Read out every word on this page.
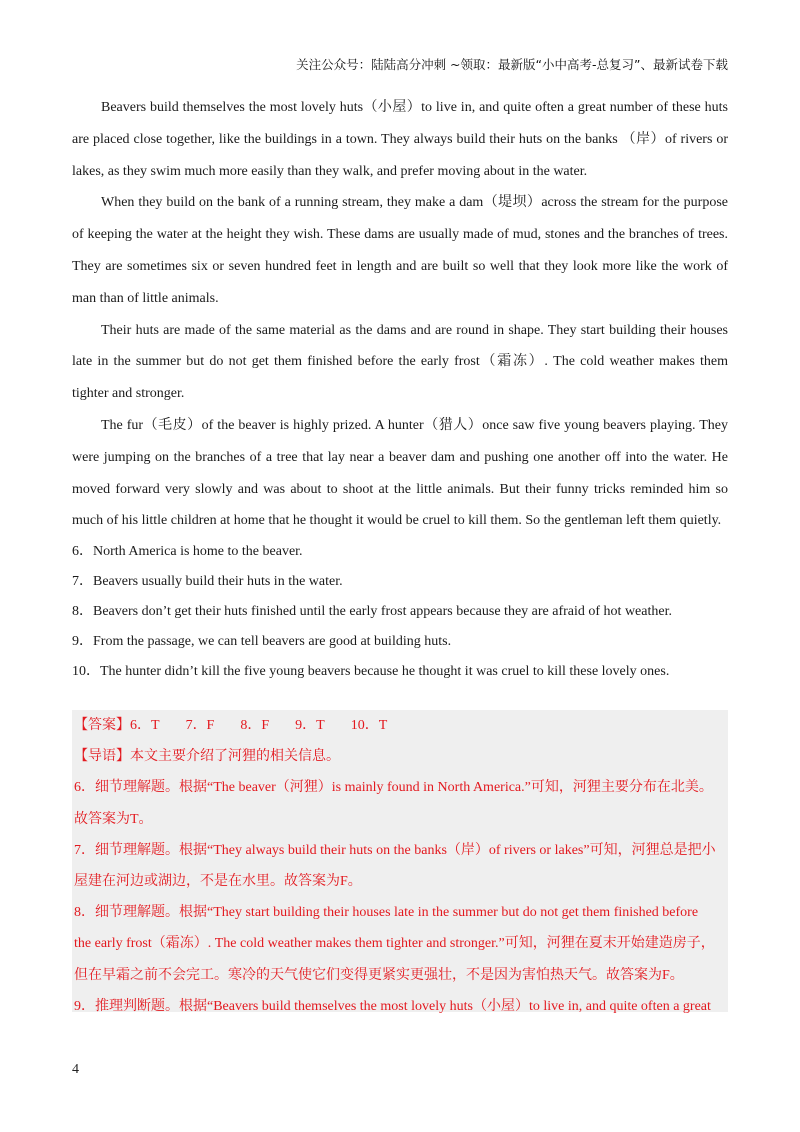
关注公众号：陆陆高分冲刺 ~领取：最新版“小中高考-总复习”、最新试卷下载

Beavers build themselves the most lovely huts（小屋）to live in, and quite often a great number of these huts are placed close together, like the buildings in a town. They always build their huts on the banks （岸）of rivers or lakes, as they swim much more easily than they walk, and prefer moving about in the water.

When they build on the bank of a running stream, they make a dam（堤坝）across the stream for the purpose of keeping the water at the height they wish. These dams are usually made of mud, stones and the branches of trees. They are sometimes six or seven hundred feet in length and are built so well that they look more like the work of man than of little animals.

Their huts are made of the same material as the dams and are round in shape. They start building their houses late in the summer but do not get them finished before the early frost（霜冻）. The cold weather makes them tighter and stronger.

The fur（毛皮）of the beaver is highly prized. A hunter（猎人）once saw five young beavers playing. They were jumping on the branches of a tree that lay near a beaver dam and pushing one another off into the water. He moved forward very slowly and was about to shoot at the little animals. But their funny tricks reminded him so much of his little children at home that he thought it would be cruel to kill them. So the gentleman left them quietly.

6．North America is home to the beaver.

7．Beavers usually build their huts in the water.

8．Beavers don’t get their huts finished until the early frost appears because they are afraid of hot weather.

9．From the passage, we can tell beavers are good at building huts.

10．The hunter didn’t kill the five young beavers because he thought it was cruel to kill these lovely ones.

【答案】6．T 7．F 8．F 9．T 10．T

【导语】本文主要介绍了河狸的相关信息。

6．细节理解题。根据“The beaver（河狸）is mainly found in North America.”可知，河狸主要分布在北美。

故答案为T。

7．细节理解题。根据“They always build their huts on the banks（岸）of rivers or lakes”可知，河狸总是把小

屋建在河边或湖边，不是在水里。故答案为F。

8．细节理解题。根据“They start building their houses late in the summer but do not get them finished before

the early frost（霜冻）. The cold weather makes them tighter and stronger.”可知，河狸在夏末开始建造房子，

但在早霜之前不会完工。寒冷的天气使它们变得更紧实更强壮，不是因为害怕热天气。故答案为F。

9．推理判断题。根据“Beavers build themselves the most lovely huts（小屋）to live in, and quite often a great

4
